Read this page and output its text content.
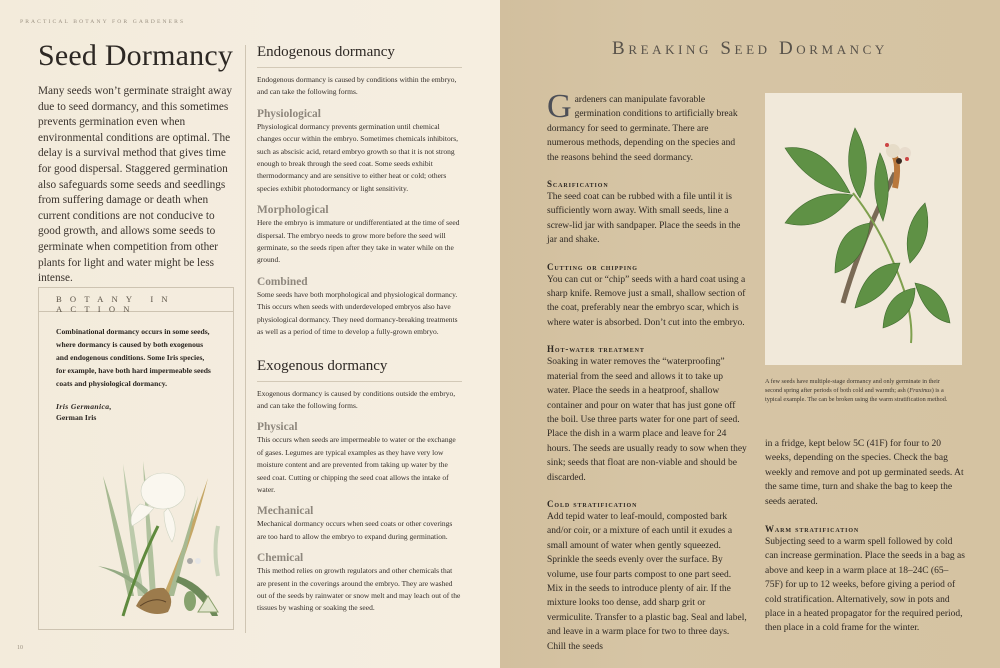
PRACTICAL BOTANY FOR GARDENERS
Seed Dormancy

Many seeds won’t germinate straight away due to seed dormancy, and this sometimes prevents germination even when environmental conditions are optimal. The delay is a survival method that gives time for good dispersal. Staggered germination also safeguards some seeds and seedlings from suffering damage or death when current conditions are not conducive to good growth, and allows some seeds to germinate when competition from other plants for light and water might be less intense.

BOTANY IN ACTION

Combinational dormancy occurs in some seeds, where dormancy is caused by both exogenous and endogenous conditions. Some Iris species, for example, have both hard impermeable seeds coats and physiological dormancy.

Iris Germanica,
German Iris

Endogenous dormancy

Endogenous dormancy is caused by conditions within the embryo, and can take the following forms.

Physiological

Physiological dormancy prevents germination until chemical changes occur within the embryo. Sometimes chemicals inhibitors, such as abscisic acid, retard embryo growth so that it is not strong enough to break through the seed coat. Some seeds exhibit thermodormancy and are sensitive to either heat or cold; others species exhibit photodormancy or light sensitivity.

Morphological

Here the embryo is immature or undifferentiated at the time of seed dispersal. The embryo needs to grow more before the seed will germinate, so the seeds ripen after they take in water while on the ground.

Combined

Some seeds have both morphological and physiological dormancy. This occurs when seeds with underdeveloped embryos also have physiological dormancy. They need dormancy-breaking treatments as well as a period of time to develop a fully-grown embryo.

Exogenous dormancy

Exogenous dormancy is caused by conditions outside the embryo, and can take the following forms.

Physical

This occurs when seeds are impermeable to water or the exchange of gases. Legumes are typical examples as they have very low moisture content and are prevented from taking up water by the seed coat. Cutting or chipping the seed coat allows the intake of water.

Mechanical

Mechanical dormancy occurs when seed coats or other coverings are too hard to allow the embryo to expand during germination.

Chemical

This method relies on growth regulators and other chemicals that are present in the coverings around the embryo. They are washed out of the seeds by rainwater or snow melt and may leach out of the tissues by washing or soaking the seed.

10
Breaking Seed Dormancy

Gardeners can manipulate favorable germination conditions to artificially break dormancy for seed to germinate. There are numerous methods, depending on the species and the reasons behind the seed dormancy.

Scarification

The seed coat can be rubbed with a file until it is sufficiently worn away. With small seeds, line a screw-lid jar with sandpaper. Place the seeds in the jar and shake.

Cutting or chipping

You can cut or “chip” seeds with a hard coat using a sharp knife. Remove just a small, shallow section of the coat, preferably near the embryo scar, which is where water is absorbed. Don’t cut into the embryo.

Hot-water treatment

Soaking in water removes the “waterproofing” material from the seed and allows it to take up water. Place the seeds in a heatproof, shallow container and pour on water that has just gone off the boil. Use three parts water for one part of seed. Place the dish in a warm place and leave for 24 hours. The seeds are usually ready to sow when they sink; seeds that float are non-viable and should be discarded.

Cold stratification

Add tepid water to leaf-mould, composted bark and/or coir, or a mixture of each until it exudes a small amount of water when gently squeezed. Sprinkle the seeds evenly over the surface. By volume, use four parts compost to one part seed. Mix in the seeds to introduce plenty of air. If the mixture looks too dense, add sharp grit or vermiculite. Transfer to a plastic bag. Seal and label, and leave in a warm place for two to three days. Chill the seeds

A few seeds have multiple-stage dormancy and only germinate in their second spring after periods of both cold and warmth; ash (Fraxinus) is a typical example. The can be broken using the warm stratification method.

in a fridge, kept below 5C (41F) for four to 20 weeks, depending on the species. Check the bag weekly and remove and pot up germinated seeds. At the same time, turn and shake the bag to keep the seeds aerated.

Warm stratification

Subjecting seed to a warm spell followed by cold can increase germination. Place the seeds in a bag as above and keep in a warm place at 18–24C (65–75F) for up to 12 weeks, before giving a period of cold stratification. Alternatively, sow in pots and place in a heated propagator for the required period, then place in a cold frame for the winter.
